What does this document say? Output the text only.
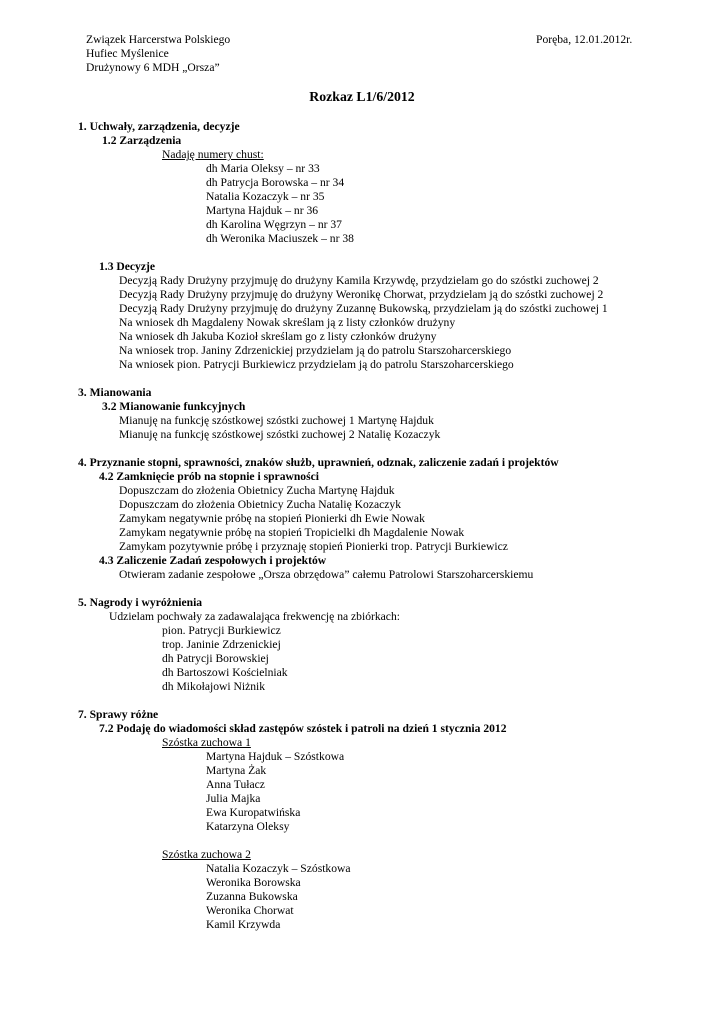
Związek Harcerstwa Polskiego
Hufiec Myślenice
Drużynowy 6 MDH „Orsza”
Poręba, 12.01.2012r.
Rozkaz L1/6/2012
1. Uchwały, zarządzenia, decyzje
1.2 Zarządzenia
Nadaję numery chust:
dh Maria Oleksy – nr 33
dh Patrycja Borowska – nr 34
Natalia Kozaczyk – nr 35
Martyna Hajduk – nr 36
dh Karolina Węgrzyn – nr 37
dh Weronika Maciuszek – nr 38
1.3 Decyzje
Decyzją Rady Drużyny przyjmuję do drużyny Kamila Krzywdę, przydzielam go do szóstki zuchowej 2
Decyzją Rady Drużyny przyjmuję do drużyny Weronikę Chorwat, przydzielam ją do szóstki zuchowej 2
Decyzją Rady Drużyny przyjmuję do drużyny Zuzannę Bukowską, przydzielam ją do szóstki zuchowej 1
Na wniosek dh Magdaleny Nowak skreślam ją z listy członków drużyny
Na wniosek dh Jakuba Kozioł skreślam go z listy członków drużyny
Na wniosek trop. Janiny Zdrzenickiej przydzielam ją do patrolu Starszoharcerskiego
Na wniosek pion. Patrycji Burkiewicz przydzielam ją do patrolu Starszoharcerskiego
3. Mianowania
3.2 Mianowanie funkcyjnych
Mianuję na funkcję szóstkowej szóstki zuchowej 1 Martynę Hajduk
Mianuję na funkcję szóstkowej szóstki zuchowej 2 Natalię Kozaczyk
4. Przyznanie stopni, sprawności, znaków służb, uprawnień, odznak, zaliczenie zadań i projektów
4.2 Zamknięcie prób na stopnie i sprawności
Dopuszczam do złożenia Obietnicy Zucha Martynę Hajduk
Dopuszczam do złożenia Obietnicy Zucha Natalię Kozaczyk
Zamykam negatywnie próbę na stopień Pionierki dh Ewie Nowak
Zamykam negatywnie próbę na stopień Tropicielki dh Magdalenie Nowak
Zamykam pozytywnie próbę i przyznaję stopień Pionierki trop. Patrycji Burkiewicz
4.3 Zaliczenie Zadań zespołowych i projektów
Otwieram zadanie zespołowe „Orsza obrzędowa” całemu Patrolowi Starszoharcerskiemu
5. Nagrody i wyróżnienia
Udzielam pochwały za zadawalająca frekwencję na zbiórkach:
pion. Patrycji Burkiewicz
trop. Janinie Zdrzenickiej
dh Patrycji Borowskiej
dh Bartoszowi Kościelniak
dh Mikołajowi Niżnik
7. Sprawy różne
7.2 Podaję do wiadomości skład zastępów szóstek i patroli na dzień 1 stycznia 2012
Szóstka zuchowa 1
Martyna Hajduk – Szóstkowa
Martyna Żak
Anna Tułacz
Julia Majka
Ewa Kuropatwińska
Katarzyna Oleksy
Szóstka zuchowa 2
Natalia Kozaczyk – Szóstkowa
Weronika Borowska
Zuzanna Bukowska
Weronika Chorwat
Kamil Krzywda
